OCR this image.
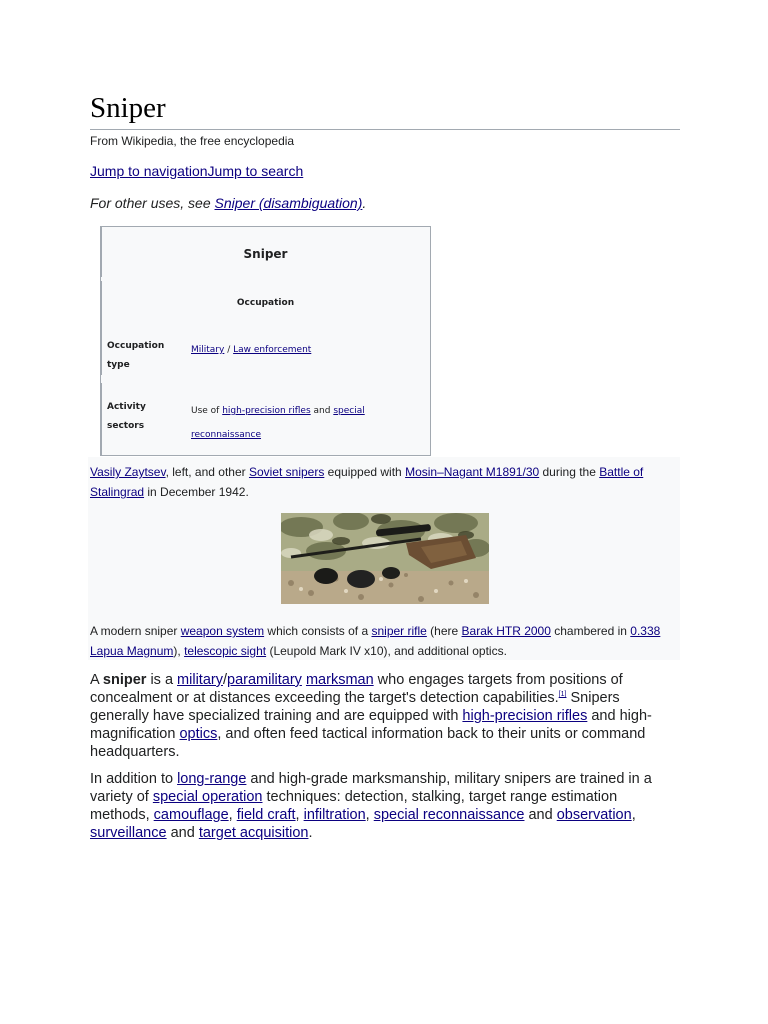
Sniper
From Wikipedia, the free encyclopedia
Jump to navigationJump to search
For other uses, see Sniper (disambiguation).
Sniper
Occupation
Occupation type
Military / Law enforcement
Activity sectors
Use of high-precision rifles and special reconnaissance
Vasily Zaytsev, left, and other Soviet snipers equipped with Mosin–Nagant M1891/30 during the Battle of Stalingrad in December 1942.
A modern sniper weapon system which consists of a sniper rifle (here Barak HTR 2000 chambered in 0.338 Lapua Magnum), telescopic sight (Leupold Mark IV x10), and additional optics.

A sniper is a military/paramilitary marksman who engages targets from positions of concealment or at distances exceeding the target's detection capabilities.[1] Snipers generally have specialized training and are equipped with high-precision rifles and high-magnification optics, and often feed tactical information back to their units or command headquarters.

In addition to long-range and high-grade marksmanship, military snipers are trained in a variety of special operation techniques: detection, stalking, target range estimation methods, camouflage, field craft, infiltration, special reconnaissance and observation, surveillance and target acquisition.
